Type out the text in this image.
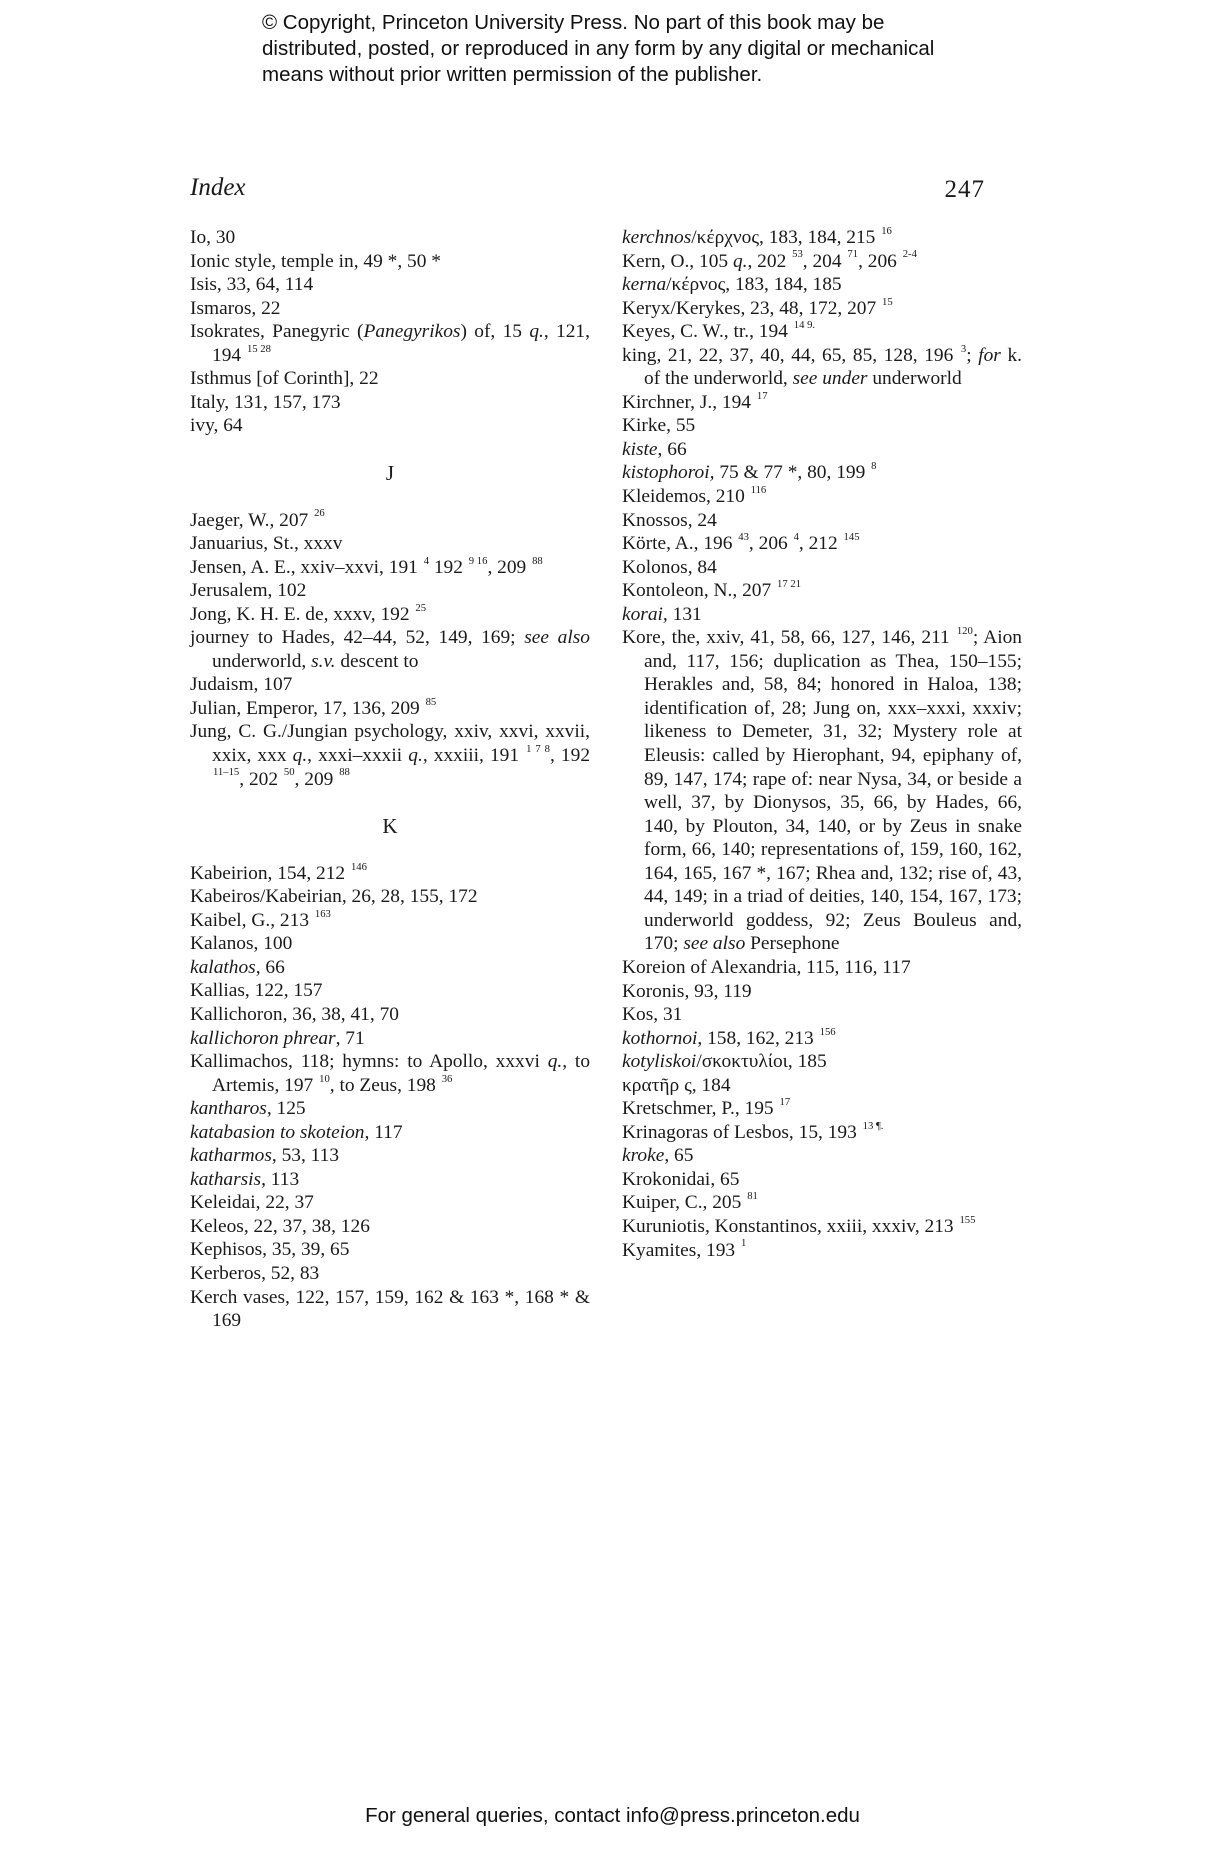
© Copyright, Princeton University Press. No part of this book may be distributed, posted, or reproduced in any form by any digital or mechanical means without prior written permission of the publisher.
Index	247
Io, 30
Ionic style, temple in, 49 *, 50 *
Isis, 33, 64, 114
Ismaros, 22
Isokrates, Panegyric (Panegyrikos) of, 15 q., 121, 194 $^{15 28}$
Isthmus [of Corinth], 22
Italy, 131, 157, 173
ivy, 64
J
Jaeger, W., 207 $^{26}$
Januarius, St., xxxv
Jensen, A. E., xxiv–xxvi, 191 $^4$ 192 $^{9 16}$, 209 $^{88}$
Jerusalem, 102
Jong, K. H. E. de, xxxv, 192 $^{25}$
journey to Hades, 42–44, 52, 149, 169; see also underworld, s.v. descent to
Judaism, 107
Julian, Emperor, 17, 136, 209 $^{85}$
Jung, C. G./Jungian psychology, xxiv, xxvi, xxvii, xxix, xxx q., xxxi–xxxii q., xxxiii, 191 $^{1 7 8}$, 192 $^{11-15}$, 202 $^{50}$, 209 $^{88}$
K
Kabeirion, 154, 212 $^{146}$
Kabeiros/Kabeirian, 26, 28, 155, 172
Kaibel, G., 213 $^{163}$
Kalanos, 100
kalathos, 66
Kallias, 122, 157
Kallichoron, 36, 38, 41, 70
kallichoron phrear, 71
Kallimachos, 118; hymns: to Apollo, xxxvi q., to Artemis, 197 $^{10}$, to Zeus, 198 $^{36}$
kantharos, 125
katabasion to skoteion, 117
katharmos, 53, 113
katharsis, 113
Keleidai, 22, 37
Keleos, 22, 37, 38, 126
Kephisos, 35, 39, 65
Kerberos, 52, 83
Kerch vases, 122, 157, 159, 162 & 163 *, 168 * & 169
kerchnos/κέρχνος, 183, 184, 215 $^{16}$
Kern, O., 105 q., 202 $^{53}$, 204 $^{71}$, 206 $^{2-4}$
kerna/κέρνος, 183, 184, 185
Keryx/Kerykes, 23, 48, 172, 207 $^{15}$
Keyes, C. W., tr., 194 $^{14 9.}$
king, 21, 22, 37, 40, 44, 65, 85, 128, 196 $^3$; for k. of the underworld, see under underworld
Kirchner, J., 194 $^{17}$
Kirke, 55
kiste, 66
kistophoroi, 75 & 77 *, 80, 199 $^8$
Kleidemos, 210 $^{116}$
Knossos, 24
Körte, A., 196 $^{43}$, 206 $^4$, 212 $^{145}$
Kolonos, 84
Kontoleon, N., 207 $^{17 21}$
korai, 131
Kore, the, xxiv, 41, 58, 66, 127, 146, 211 $^{120}$; Aion and, 117, 156; duplication as Thea, 150–155; Herakles and, 58, 84; honored in Haloa, 138; identification of, 28; Jung on, xxx–xxxi, xxxiv; likeness to Demeter, 31, 32; Mystery role at Eleusis: called by Hierophant, 94, epiphany of, 89, 147, 174; rape of: near Nysa, 34, or beside a well, 37, by Dionysos, 35, 66, by Hades, 66, 140, by Plouton, 34, 140, or by Zeus in snake form, 66, 140; representations of, 159, 160, 162, 164, 165, 167 *, 167; Rhea and, 132; rise of, 43, 44, 149; in a triad of deities, 140, 154, 167, 173; underworld goddess, 92; Zeus Bouleus and, 170; see also Persephone
Koreion of Alexandria, 115, 116, 117
Koronis, 93, 119
Kos, 31
kothornoi, 158, 162, 213 $^{156}$
kotyliskoi/σκοκτυλίοι, 185
κρατῆρ ς, 184
Kretschmer, P., 195 $^{17}$
Krinagoras of Lesbos, 15, 193 $^{13 \P.}$
kroke, 65
Krokonidai, 65
Kuiper, C., 205 $^{81}$
Kuruniotis, Konstantinos, xxiii, xxxiv, 213 $^{155}$
Kyamites, 193 $^1$
For general queries, contact info@press.princeton.edu
